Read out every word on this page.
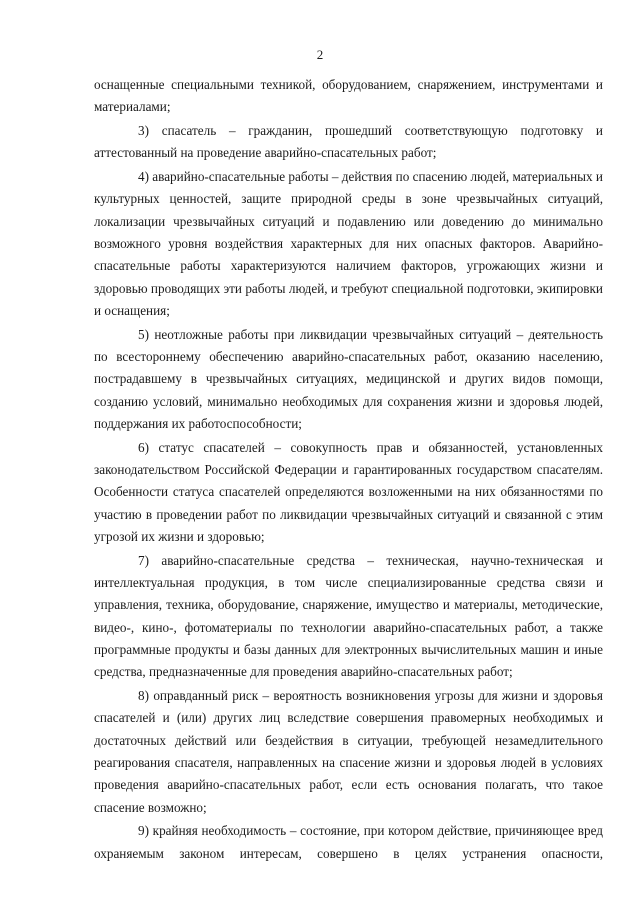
2

оснащенные специальными техникой, оборудованием, снаряжением, инструментами и материалами;

3) спасатель – гражданин, прошедший соответствующую подготовку и аттестованный на проведение аварийно-спасательных работ;

4) аварийно-спасательные работы – действия по спасению людей, материальных и культурных ценностей, защите природной среды в зоне чрезвычайных ситуаций, локализации чрезвычайных ситуаций и подавлению или доведению до минимально возможного уровня воздействия характерных для них опасных факторов. Аварийно-спасательные работы характеризуются наличием факторов, угрожающих жизни и здоровью проводящих эти работы людей, и требуют специальной подготовки, экипировки и оснащения;

5) неотложные работы при ликвидации чрезвычайных ситуаций – деятельность по всестороннему обеспечению аварийно-спасательных работ, оказанию населению, пострадавшему в чрезвычайных ситуациях, медицинской и других видов помощи, созданию условий, минимально необходимых для сохранения жизни и здоровья людей, поддержания их работоспособности;

6) статус спасателей – совокупность прав и обязанностей, установленных законодательством Российской Федерации и гарантированных государством спасателям. Особенности статуса спасателей определяются возложенными на них обязанностями по участию в проведении работ по ликвидации чрезвычайных ситуаций и связанной с этим угрозой их жизни и здоровью;

7) аварийно-спасательные средства – техническая, научно-техническая и интеллектуальная продукция, в том числе специализированные средства связи и управления, техника, оборудование, снаряжение, имущество и материалы, методические, видео-, кино-, фотоматериалы по технологии аварийно-спасательных работ, а также программные продукты и базы данных для электронных вычислительных машин и иные средства, предназначенные для проведения аварийно-спасательных работ;

8) оправданный риск – вероятность возникновения угрозы для жизни и здоровья спасателей и (или) других лиц вследствие совершения правомерных необходимых и достаточных действий или бездействия в ситуации, требующей незамедлительного реагирования спасателя, направленных на спасение жизни и здоровья людей в условиях проведения аварийно-спасательных работ, если есть основания полагать, что такое спасение возможно;

9) крайняя необходимость – состояние, при котором действие, причиняющее вред охраняемым законом интересам, совершено в целях устранения опасности,
